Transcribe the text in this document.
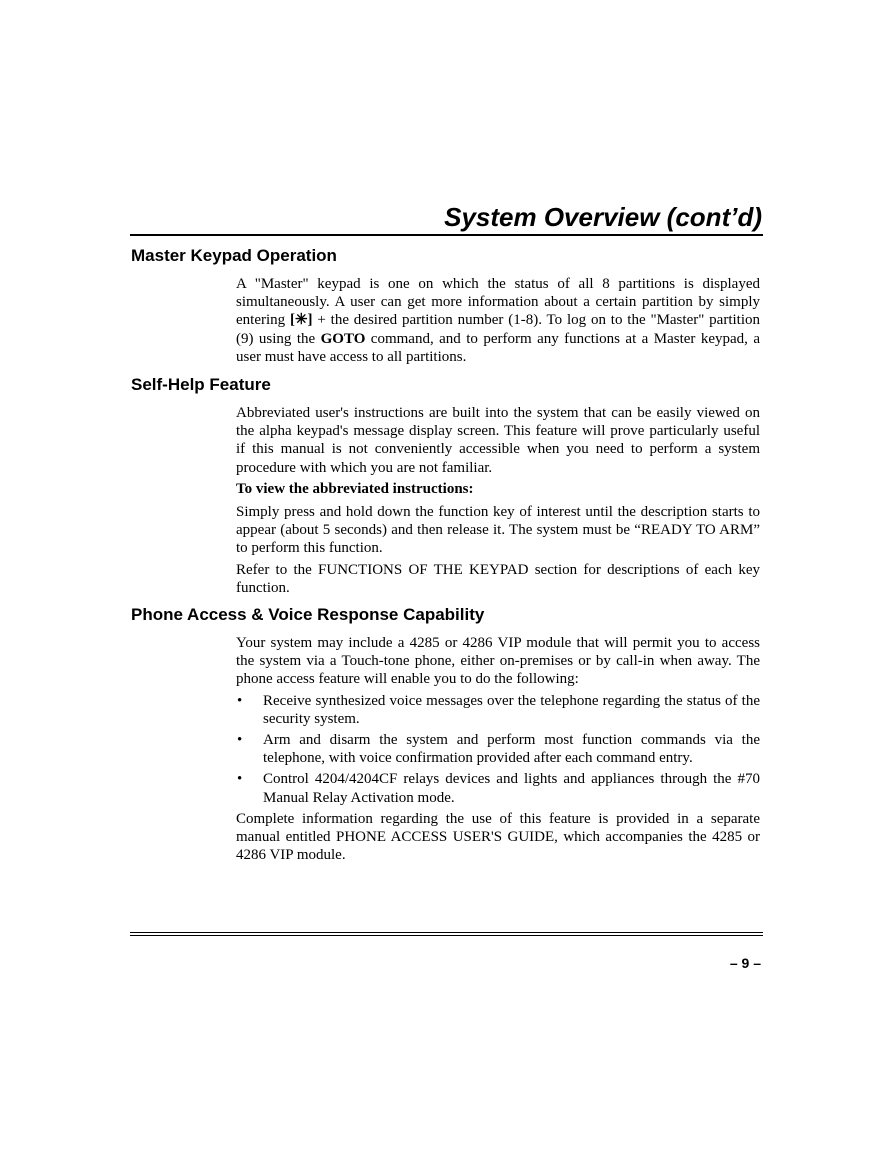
System Overview (cont’d)
Master Keypad Operation

A "Master" keypad is one on which the status of all 8 partitions is displayed simultaneously. A user can get more information about a certain partition by simply entering [✳] + the desired partition number (1-8). To log on to the "Master" partition (9) using the GOTO command, and to perform any functions at a Master keypad, a user must have access to all partitions.

Self-Help Feature

Abbreviated user's instructions are built into the system that can be easily viewed on the alpha keypad's message display screen. This feature will prove particularly useful if this manual is not conveniently accessible when you need to perform a system procedure with which you are not familiar.

To view the abbreviated instructions:

Simply press and hold down the function key of interest until the description starts to appear (about 5 seconds) and then release it. The system must be “READY TO ARM” to perform this function.

Refer to the FUNCTIONS OF THE KEYPAD section for descriptions of each key function.

Phone Access & Voice Response Capability

Your system may include a 4285 or 4286 VIP module that will permit you to access the system via a Touch-tone phone, either on-premises or by call-in when away. The phone access feature will enable you to do the following:

• Receive synthesized voice messages over the telephone regarding the status of the security system.
• Arm and disarm the system and perform most function commands via the telephone, with voice confirmation provided after each command entry.
• Control 4204/4204CF relays devices and lights and appliances through the #70 Manual Relay Activation mode.

Complete information regarding the use of this feature is provided in a separate manual entitled PHONE ACCESS USER'S GUIDE, which accompanies the 4285 or 4286 VIP module.

– 9 –
